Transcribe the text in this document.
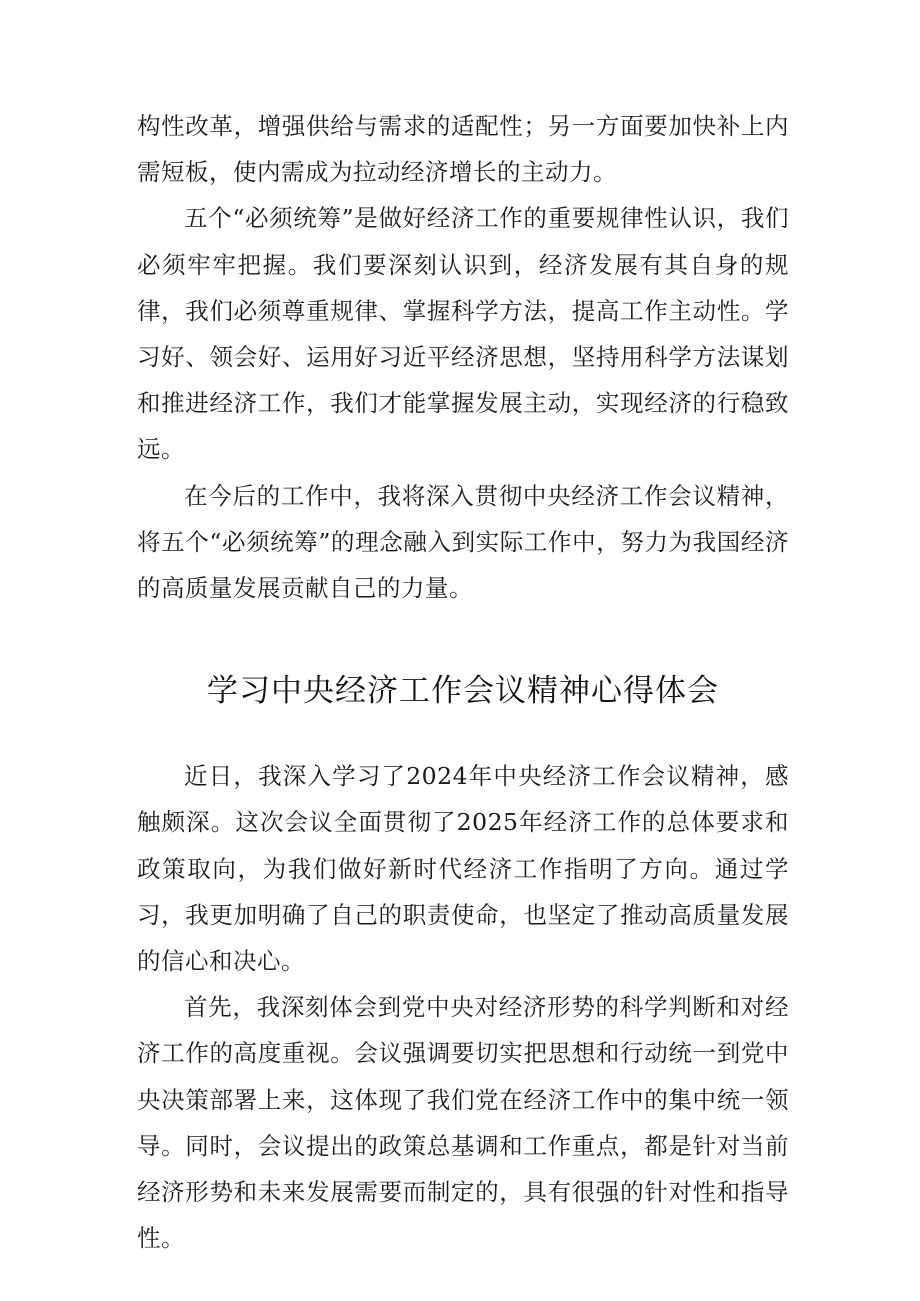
构性改革，增强供给与需求的适配性；另一方面要加快补上内需短板，使内需成为拉动经济增长的主动力。

五个“必须统筹”是做好经济工作的重要规律性认识，我们必须牢牢把握。我们要深刻认识到，经济发展有其自身的规律，我们必须尊重规律、掌握科学方法，提高工作主动性。学习好、领会好、运用好习近平经济思想，坚持用科学方法谋划和推进经济工作，我们才能掌握发展主动，实现经济的行稳致远。

在今后的工作中，我将深入贯彻中央经济工作会议精神，将五个“必须统筹”的理念融入到实际工作中，努力为我国经济的高质量发展贡献自己的力量。

学习中央经济工作会议精神心得体会

近日，我深入学习了2024年中央经济工作会议精神，感触颇深。这次会议全面贯彻了2025年经济工作的总体要求和政策取向，为我们做好新时代经济工作指明了方向。通过学习，我更加明确了自己的职责使命，也坚定了推动高质量发展的信心和决心。

首先，我深刻体会到党中央对经济形势的科学判断和对经济工作的高度重视。会议强调要切实把思想和行动统一到党中央决策部署上来，这体现了我们党在经济工作中的集中统一领导。同时，会议提出的政策总基调和工作重点，都是针对当前经济形势和未来发展需要而制定的，具有很强的针对性和指导性。
